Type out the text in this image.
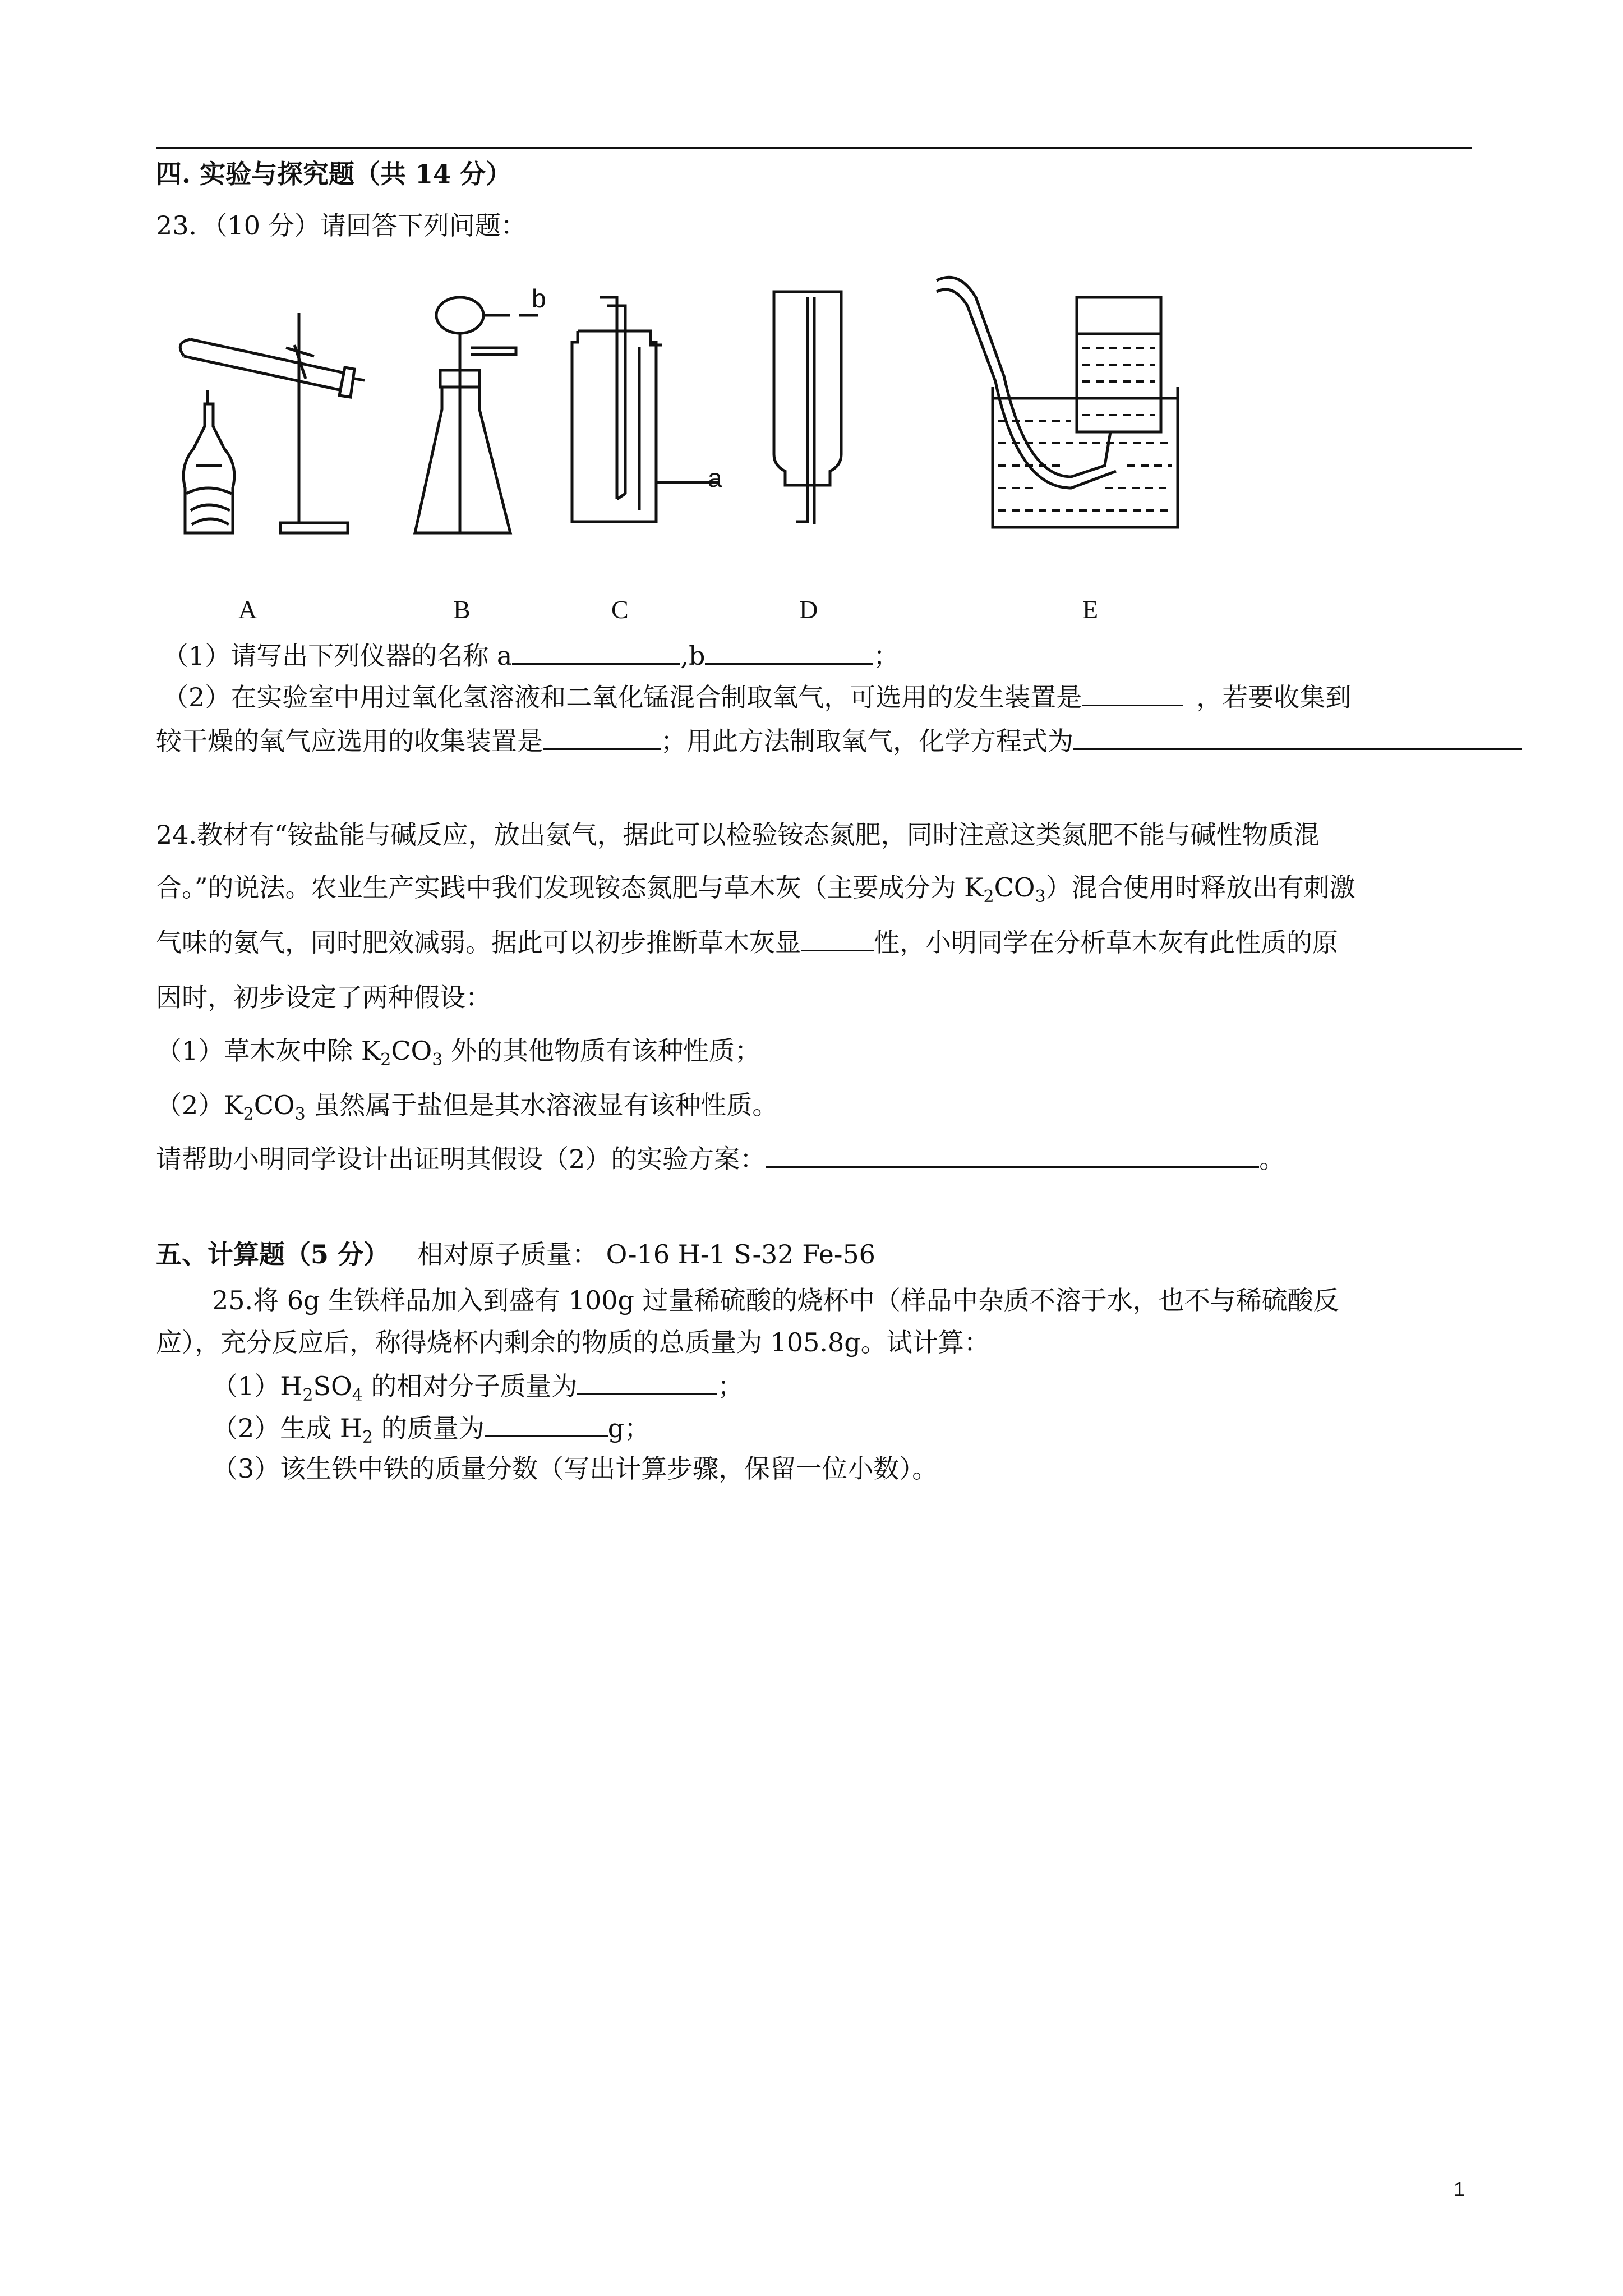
四. 实验与探究题（共 14 分）
23．（10 分）请回答下列问题：
b
a
A	B	C	D	E
（1）请写出下列仪器的名称 a	,b	；
（2）在实验室中用过氧化氢溶液和二氧化锰混合制取氧气，可选用的发生装置是	，若要收集到
较干燥的氧气应选用的收集装置是	；用此方法制取氧气，化学方程式为
24.教材有“铵盐能与碱反应，放出氨气，据此可以检验铵态氮肥，同时注意这类氮肥不能与碱性物质混
合。”的说法。农业生产实践中我们发现铵态氮肥与草木灰（主要成分为 $K_2CO_3$）混合使用时释放出有刺激
气味的氨气，同时肥效减弱。据此可以初步推断草木灰显	性，小明同学在分析草木灰有此性质的原
因时，初步设定了两种假设：
（1）草木灰中除 $K_2CO_3$ 外的其他物质有该种性质；
$(2)K_2CO_3$ 虽然属于盐但是其水溶液显有该种性质。
请帮助小明同学设计出证明其假设（2）的实验方案：	。
五、计算题（5 分） 相对原子质量： O-16 H-1 S-32 Fe-56
25.将 6g 生铁样品加入到盛有 100g 过量稀硫酸的烧杯中（样品中杂质不溶于水，也不与稀硫酸反
应），充分反应后，称得烧杯内剩余的物质的总质量为 105.8g。试计算：
$(1)H_2SO_4$ 的相对分子质量为	；
（2）生成 $H_2$ 的质量为	g；
（3）该生铁中铁的质量分数（写出计算步骤，保留一位小数）。
1
